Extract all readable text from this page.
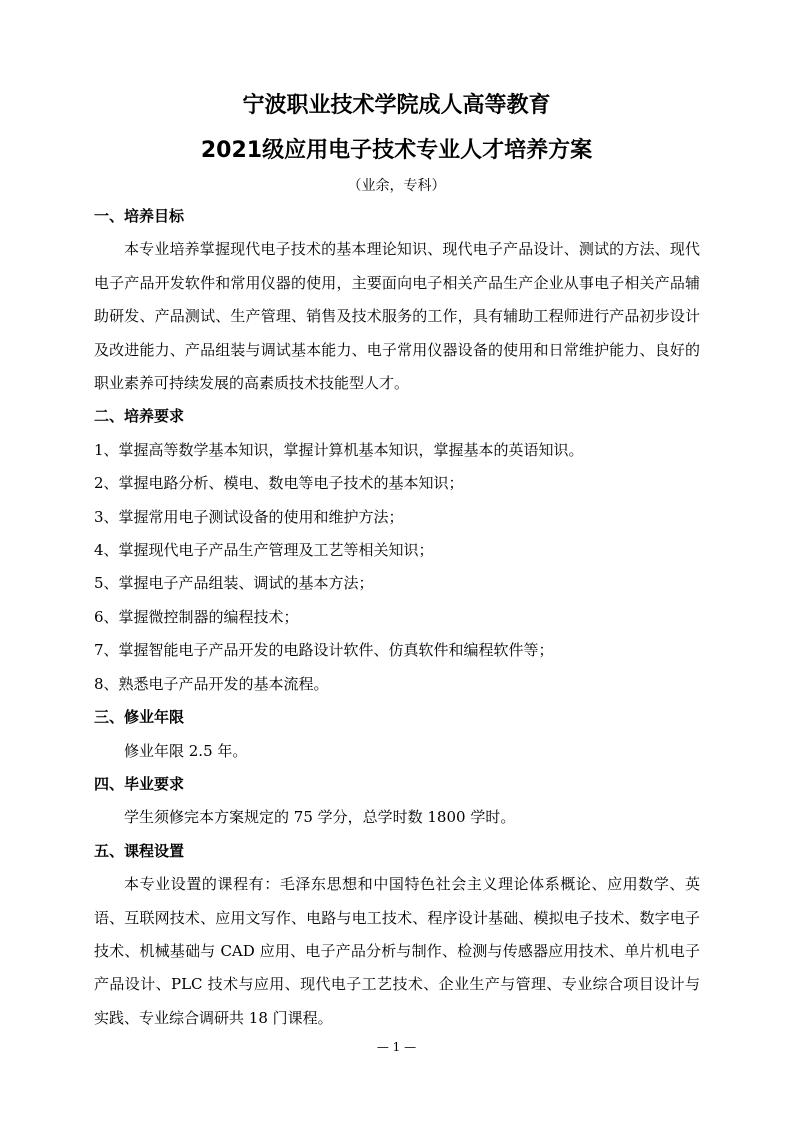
宁波职业技术学院成人高等教育
2021级应用电子技术专业人才培养方案
（业余，专科）

一、培养目标

本专业培养掌握现代电子技术的基本理论知识、现代电子产品设计、测试的方法、现代电子产品开发软件和常用仪器的使用，主要面向电子相关产品生产企业从事电子相关产品辅助研发、产品测试、生产管理、销售及技术服务的工作，具有辅助工程师进行产品初步设计及改进能力、产品组装与调试基本能力、电子常用仪器设备的使用和日常维护能力、良好的职业素养可持续发展的高素质技术技能型人才。

二、培养要求

1、掌握高等数学基本知识，掌握计算机基本知识，掌握基本的英语知识。

2、掌握电路分析、模电、数电等电子技术的基本知识；

3、掌握常用电子测试设备的使用和维护方法；

4、掌握现代电子产品生产管理及工艺等相关知识；

5、掌握电子产品组装、调试的基本方法；

6、掌握微控制器的编程技术；

7、掌握智能电子产品开发的电路设计软件、仿真软件和编程软件等；

8、熟悉电子产品开发的基本流程。

三、修业年限

修业年限 2.5 年。

四、毕业要求

学生须修完本方案规定的 75 学分，总学时数 1800 学时。

五、课程设置

本专业设置的课程有：毛泽东思想和中国特色社会主义理论体系概论、应用数学、英语、互联网技术、应用文写作、电路与电工技术、程序设计基础、模拟电子技术、数字电子技术、机械基础与 CAD 应用、电子产品分析与制作、检测与传感器应用技术、单片机电子产品设计、PLC 技术与应用、现代电子工艺技术、企业生产与管理、专业综合项目设计与实践、专业综合调研共 18 门课程。

— 1 —
